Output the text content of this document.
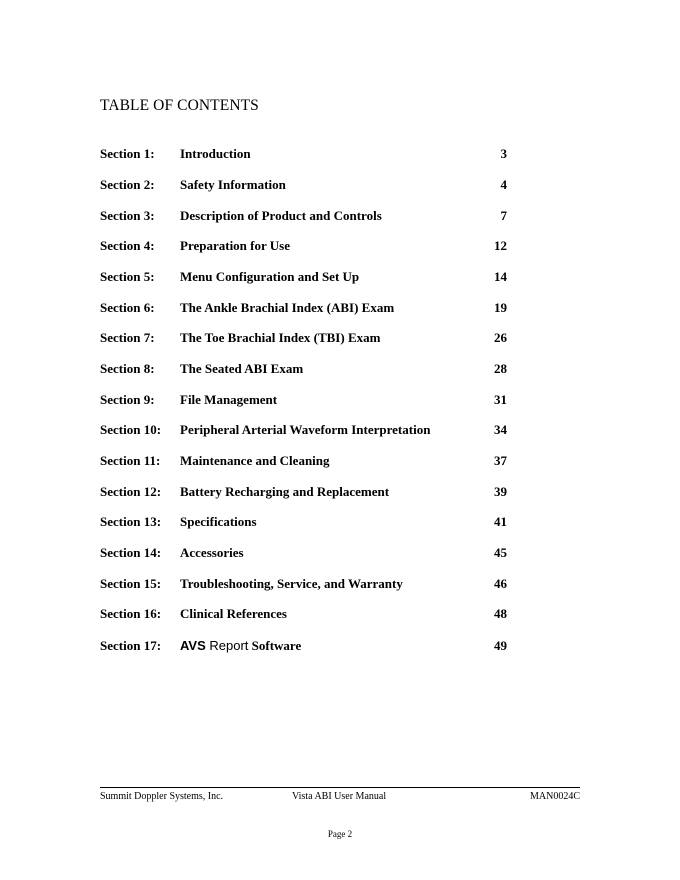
TABLE OF CONTENTS
Section 1: Introduction	3
Section 2: Safety Information	4
Section 3: Description of Product and Controls	7
Section 4: Preparation for Use	12
Section 5: Menu Configuration and Set Up	14
Section 6: The Ankle Brachial Index (ABI) Exam	19
Section 7: The Toe Brachial Index (TBI) Exam	26
Section 8: The Seated ABI Exam	28
Section 9: File Management	31
Section 10: Peripheral Arterial Waveform Interpretation	34
Section 11: Maintenance and Cleaning	37
Section 12: Battery Recharging and Replacement	39
Section 13: Specifications	41
Section 14: Accessories	45
Section 15: Troubleshooting, Service, and Warranty	46
Section 16: Clinical References	48
Section 17: AVS Report Software	49
Summit Doppler Systems, Inc.	Vista ABI User Manual	MAN0024C
Page 2
